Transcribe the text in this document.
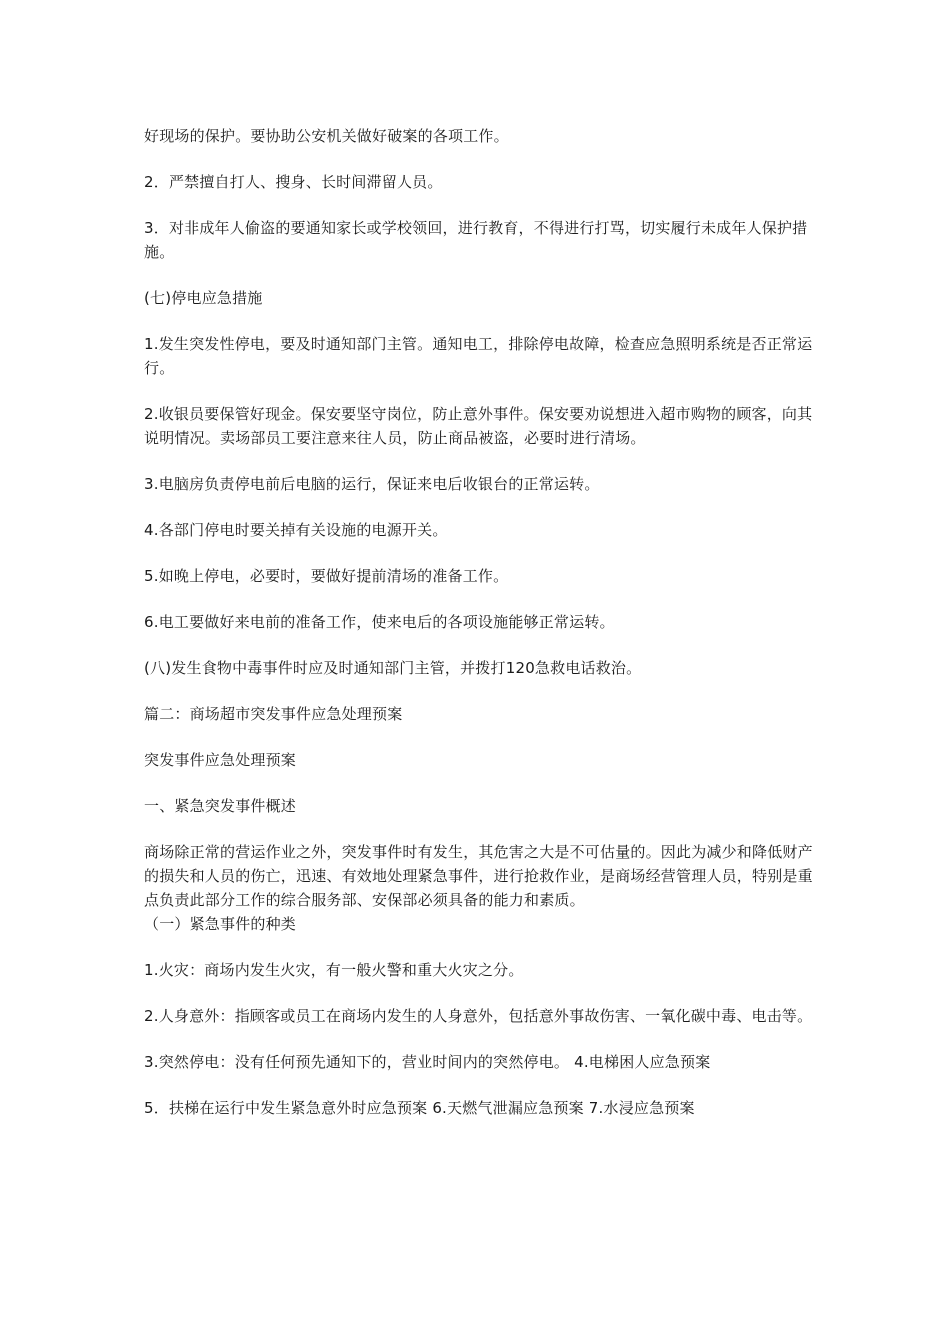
好现场的保护。要协助公安机关做好破案的各项工作。

2．严禁擅自打人、搜身、长时间滞留人员。

3．对非成年人偷盗的要通知家长或学校领回，进行教育，不得进行打骂，切实履行未成年人保护措施。

(七)停电应急措施

1.发生突发性停电，要及时通知部门主管。通知电工，排除停电故障，检查应急照明系统是否正常运行。

2.收银员要保管好现金。保安要坚守岗位，防止意外事件。保安要劝说想进入超市购物的顾客，向其说明情况。卖场部员工要注意来往人员，防止商品被盗，必要时进行清场。

3.电脑房负责停电前后电脑的运行，保证来电后收银台的正常运转。

4.各部门停电时要关掉有关设施的电源开关。

5.如晚上停电，必要时，要做好提前清场的准备工作。

6.电工要做好来电前的准备工作，使来电后的各项设施能够正常运转。

(八)发生食物中毒事件时应及时通知部门主管，并拨打120急救电话救治。

篇二：商场超市突发事件应急处理预案

突发事件应急处理预案

一、紧急突发事件概述

商场除正常的营运作业之外，突发事件时有发生，其危害之大是不可估量的。因此为减少和降低财产的损失和人员的伤亡，迅速、有效地处理紧急事件，进行抢救作业，是商场经营管理人员，特别是重点负责此部分工作的综合服务部、安保部必须具备的能力和素质。

（一）紧急事件的种类

1.火灾：商场内发生火灾，有一般火警和重大火灾之分。

2.人身意外：指顾客或员工在商场内发生的人身意外，包括意外事故伤害、一氧化碳中毒、电击等。

3.突然停电：没有任何预先通知下的，营业时间内的突然停电。 4.电梯困人应急预案

5．扶梯在运行中发生紧急意外时应急预案 6.天燃气泄漏应急预案 7.水浸应急预案
